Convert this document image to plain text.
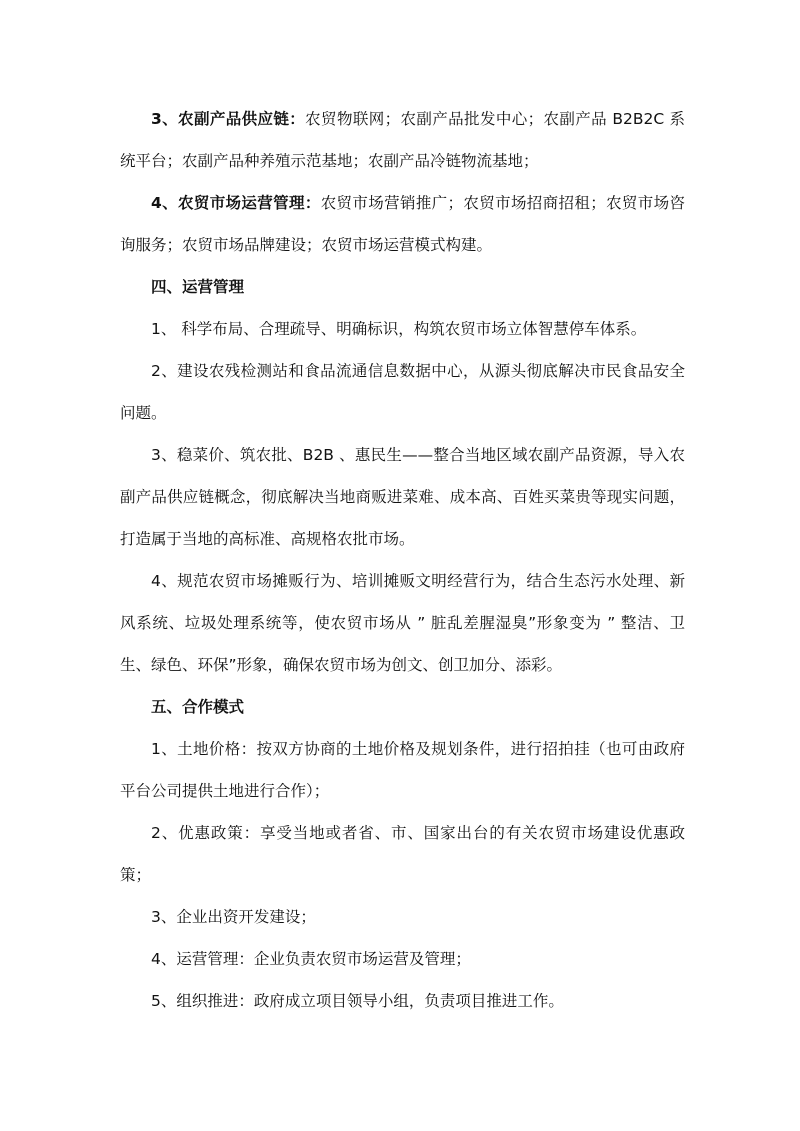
3、农副产品供应链：农贸物联网；农副产品批发中心；农副产品 B2B2C 系统平台；农副产品种养殖示范基地；农副产品冷链物流基地；

4、农贸市场运营管理：农贸市场营销推广；农贸市场招商招租；农贸市场咨询服务；农贸市场品牌建设；农贸市场运营模式构建。

四、运营管理

1、 科学布局、合理疏导、明确标识，构筑农贸市场立体智慧停车体系。

2、建设农残检测站和食品流通信息数据中心，从源头彻底解决市民食品安全问题。

3、稳菜价、筑农批、B2B 、惠民生——整合当地区域农副产品资源，导入农副产品供应链概念，彻底解决当地商贩进菜难、成本高、百姓买菜贵等现实问题，打造属于当地的高标准、高规格农批市场。

4、规范农贸市场摊贩行为、培训摊贩文明经营行为，结合生态污水处理、新风系统、垃圾处理系统等，使农贸市场从 ” 脏乱差腥湿臭”形象变为 ” 整洁、卫生、绿色、环保”形象，确保农贸市场为创文、创卫加分、添彩。

五、合作模式

1、土地价格：按双方协商的土地价格及规划条件，进行招拍挂（也可由政府平台公司提供土地进行合作）；

2、优惠政策：享受当地或者省、市、国家出台的有关农贸市场建设优惠政策；

3、企业出资开发建设；

4、运营管理：企业负责农贸市场运营及管理；

5、组织推进：政府成立项目领导小组，负责项目推进工作。
